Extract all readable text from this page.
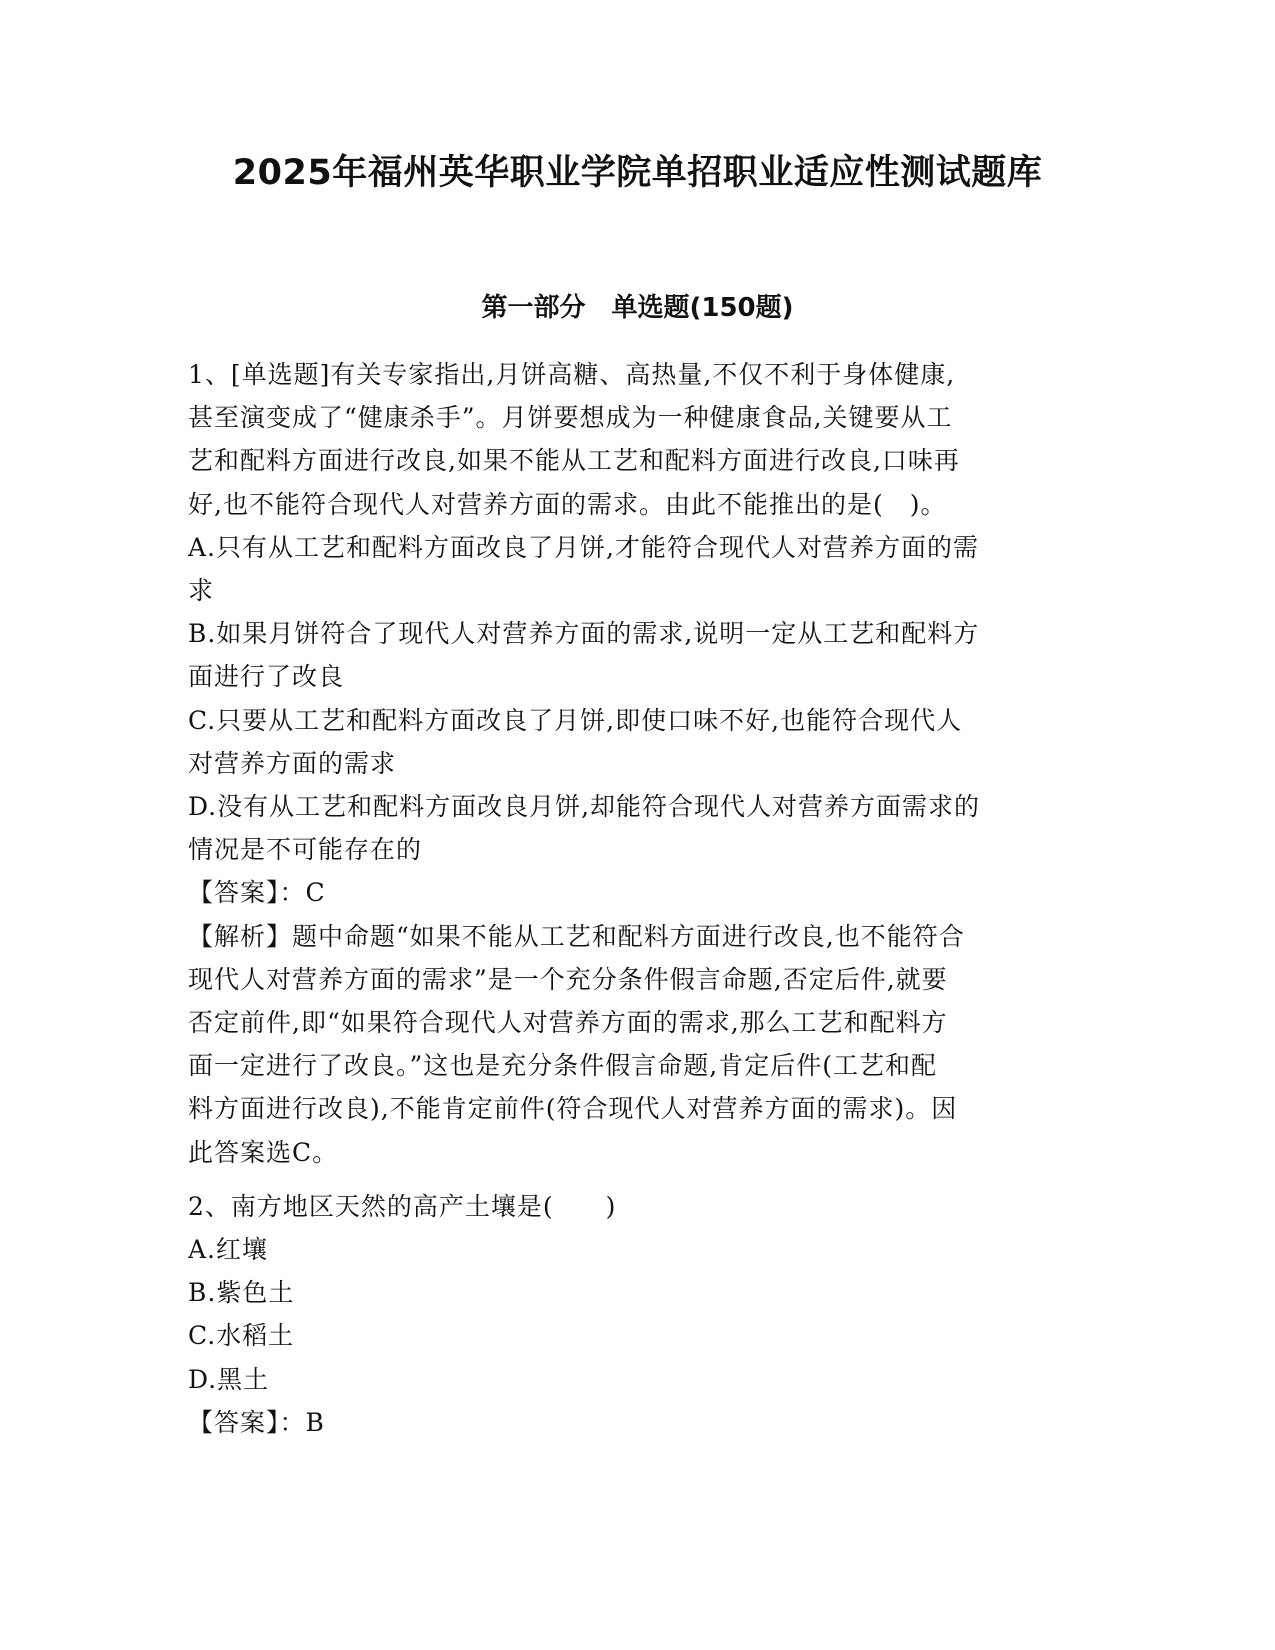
2025年福州英华职业学院单招职业适应性测试题库
第一部分　单选题(150题)

1、[单选题]有关专家指出,月饼高糖、高热量,不仅不利于身体健康,

甚至演变成了“健康杀手”。月饼要想成为一种健康食品,关键要从工

艺和配料方面进行改良,如果不能从工艺和配料方面进行改良,口味再

好,也不能符合现代人对营养方面的需求。由此不能推出的是(　)。

A.只有从工艺和配料方面改良了月饼,才能符合现代人对营养方面的需

求

B.如果月饼符合了现代人对营养方面的需求,说明一定从工艺和配料方

面进行了改良

C.只要从工艺和配料方面改良了月饼,即使口味不好,也能符合现代人

对营养方面的需求

D.没有从工艺和配料方面改良月饼,却能符合现代人对营养方面需求的

情况是不可能存在的

【答案】：C

【解析】题中命题“如果不能从工艺和配料方面进行改良,也不能符合

现代人对营养方面的需求”是一个充分条件假言命题,否定后件,就要

否定前件,即“如果符合现代人对营养方面的需求,那么工艺和配料方

面一定进行了改良。”这也是充分条件假言命题,肯定后件(工艺和配

料方面进行改良),不能肯定前件(符合现代人对营养方面的需求)。因

此答案选C。

2、南方地区天然的高产土壤是(　　)

A.红壤

B.紫色土

C.水稻土

D.黑土

【答案】：B
